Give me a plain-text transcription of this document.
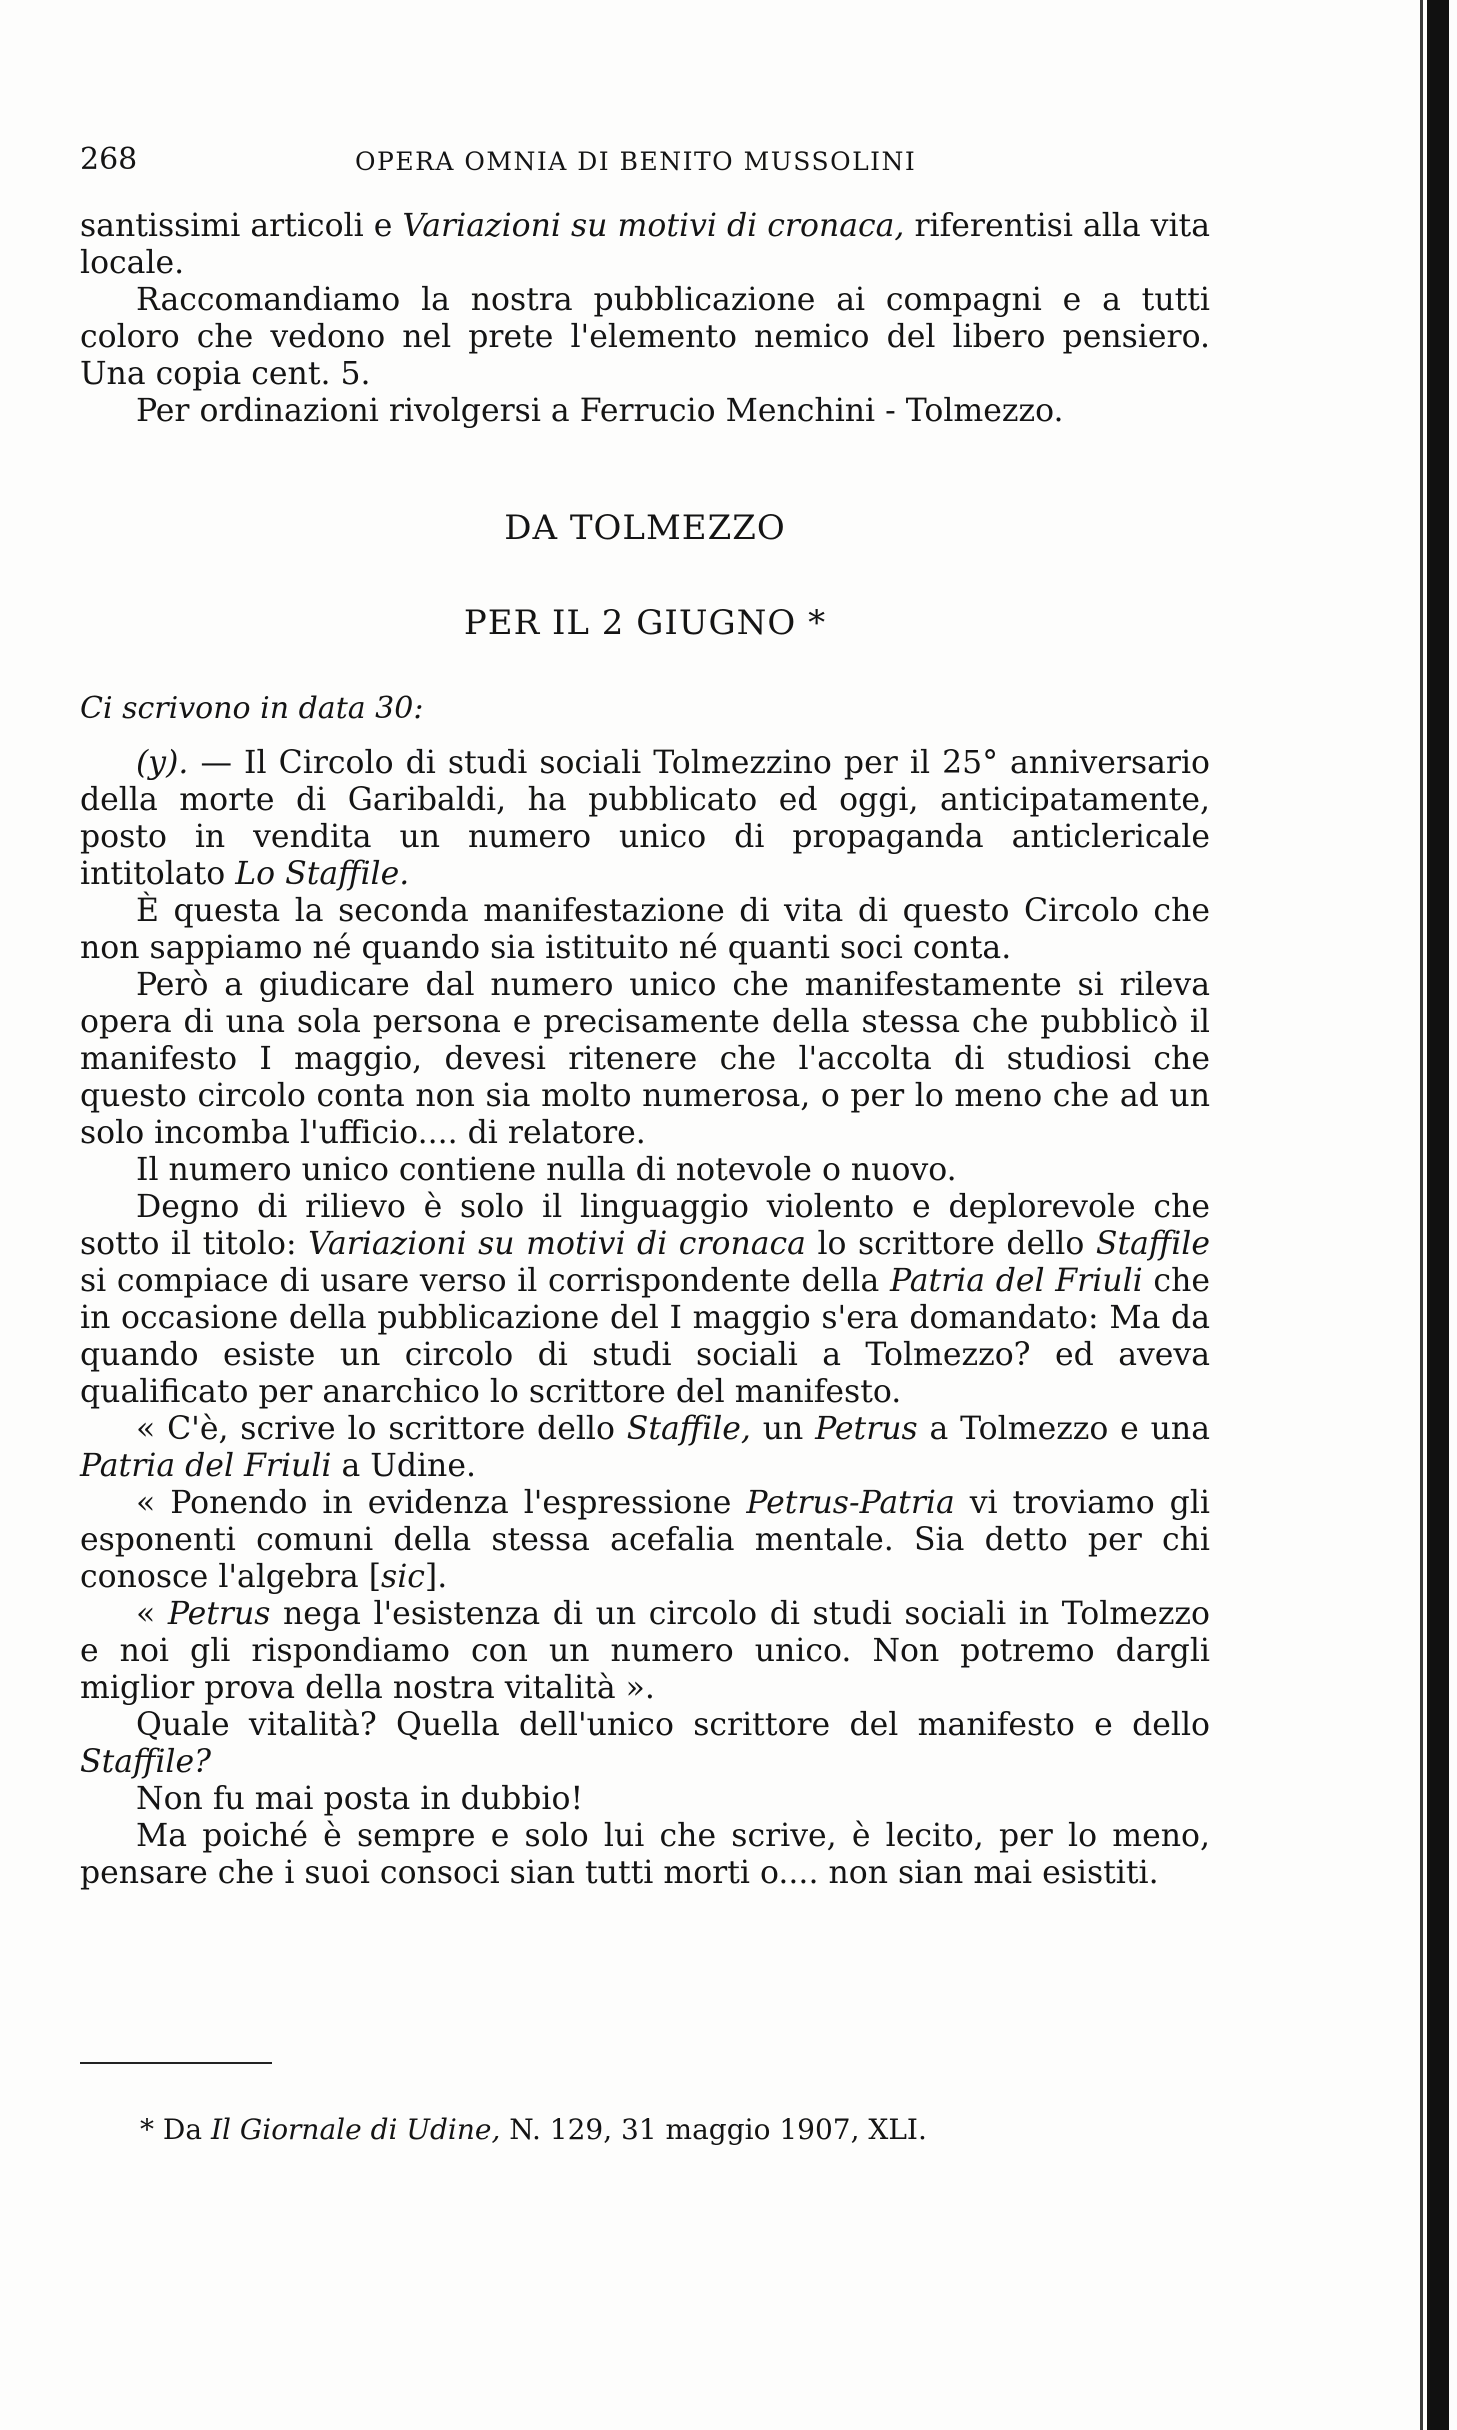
268	OPERA OMNIA DI BENITO MUSSOLINI

santissimi articoli e Variazioni su motivi di cronaca, riferentisi alla vita locale.

Raccomandiamo la nostra pubblicazione ai compagni e a tutti coloro che vedono nel prete l'elemento nemico del libero pensiero. Una copia cent. 5.

Per ordinazioni rivolgersi a Ferrucio Menchini - Tolmezzo.

DA TOLMEZZO

PER IL 2 GIUGNO *

Ci scrivono in data 30:

(y). — Il Circolo di studi sociali Tolmezzino per il 25° anniversario della morte di Garibaldi, ha pubblicato ed oggi, anticipatamente, posto in vendita un numero unico di propaganda anticlericale intitolato Lo Staffile.

È questa la seconda manifestazione di vita di questo Circolo che non sappiamo né quando sia istituito né quanti soci conta.

Però a giudicare dal numero unico che manifestamente si rileva opera di una sola persona e precisamente della stessa che pubblicò il manifesto I maggio, devesi ritenere che l'accolta di studiosi che questo circolo conta non sia molto numerosa, o per lo meno che ad un solo incomba l'ufficio.... di relatore.

Il numero unico contiene nulla di notevole o nuovo.

Degno di rilievo è solo il linguaggio violento e deplorevole che sotto il titolo: Variazioni su motivi di cronaca lo scrittore dello Staffile si compiace di usare verso il corrispondente della Patria del Friuli che in occasione della pubblicazione del I maggio s'era domandato: Ma da quando esiste un circolo di studi sociali a Tolmezzo? ed aveva qualificato per anarchico lo scrittore del manifesto.

« C'è, scrive lo scrittore dello Staffile, un Petrus a Tolmezzo e una Patria del Friuli a Udine.

« Ponendo in evidenza l'espressione Petrus-Patria vi troviamo gli esponenti comuni della stessa acefalia mentale. Sia detto per chi conosce l'algebra [sic].

« Petrus nega l'esistenza di un circolo di studi sociali in Tolmezzo e noi gli rispondiamo con un numero unico. Non potremo dargli miglior prova della nostra vitalità ».

Quale vitalità? Quella dell'unico scrittore del manifesto e dello Staffile?

Non fu mai posta in dubbio!

Ma poiché è sempre e solo lui che scrive, è lecito, per lo meno, pensare che i suoi consoci sian tutti morti o.... non sian mai esistiti.

* Da Il Giornale di Udine, N. 129, 31 maggio 1907, XLI.
